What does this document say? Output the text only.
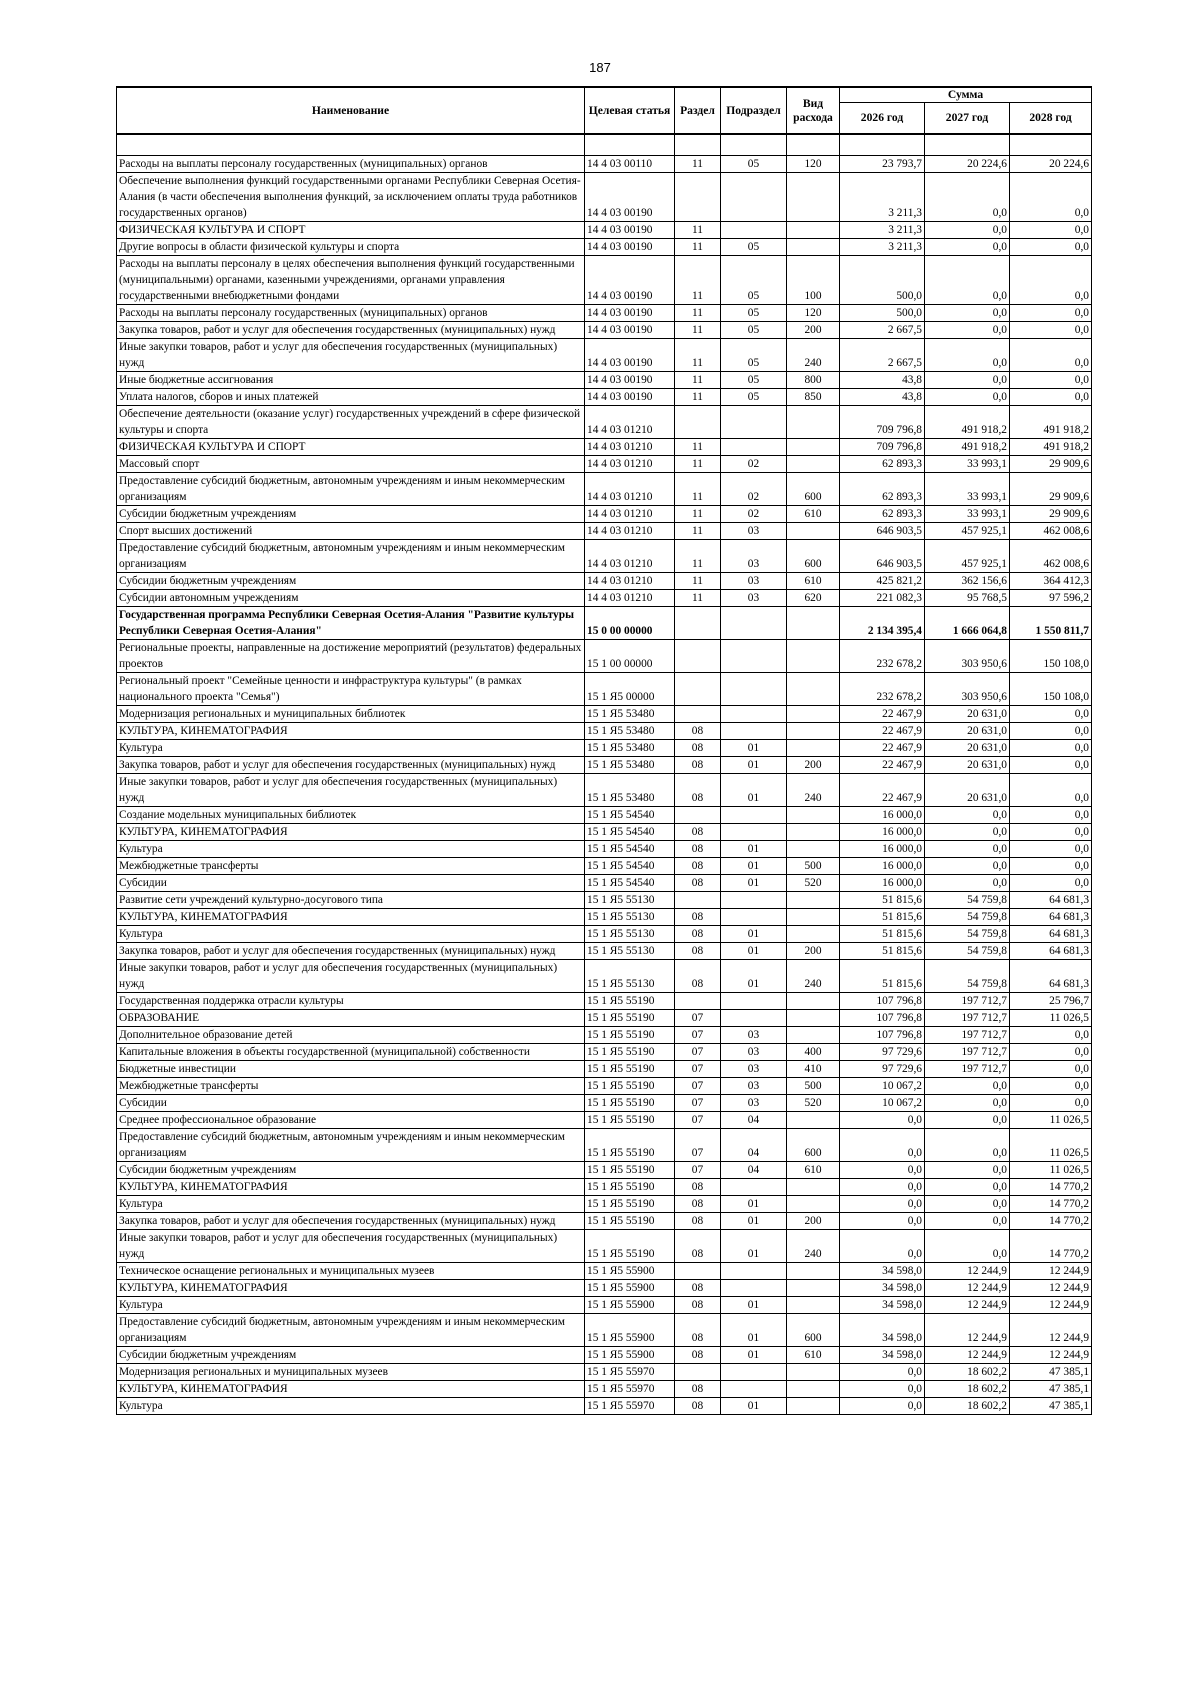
187
Наименование	Целевая статья	Раздел	Подраздел	Вид расхода	Сумма		
					2026 год	2027 год	2028 год

Расходы на выплаты персоналу государственных (муниципальных) органов	14 4 03 00110	11	05	120	23 793,7	20 224,6	20 224,6
Обеспечение выполнения функций государственными органами Республики Северная Осетия-Алания (в части обеспечения выполнения функций, за исключением оплаты труда работников государственных органов)	14 4 03 00190				3 211,3	0,0	0,0
ФИЗИЧЕСКАЯ КУЛЬТУРА И СПОРТ	14 4 03 00190	11			3 211,3	0,0	0,0
Другие вопросы в области физической культуры и спорта	14 4 03 00190	11	05		3 211,3	0,0	0,0
Расходы на выплаты персоналу в целях обеспечения выполнения функций государственными (муниципальными) органами, казенными учреждениями, органами управления государственными внебюджетными фондами	14 4 03 00190	11	05	100	500,0	0,0	0,0
Расходы на выплаты персоналу государственных (муниципальных) органов	14 4 03 00190	11	05	120	500,0	0,0	0,0
Закупка товаров, работ и услуг для обеспечения государственных (муниципальных) нужд	14 4 03 00190	11	05	200	2 667,5	0,0	0,0
Иные закупки товаров, работ и услуг для обеспечения государственных (муниципальных) нужд	14 4 03 00190	11	05	240	2 667,5	0,0	0,0
Иные бюджетные ассигнования	14 4 03 00190	11	05	800	43,8	0,0	0,0
Уплата налогов, сборов и иных платежей	14 4 03 00190	11	05	850	43,8	0,0	0,0
Обеспечение деятельности (оказание услуг) государственных учреждений в сфере физической культуры и спорта	14 4 03 01210				709 796,8	491 918,2	491 918,2
ФИЗИЧЕСКАЯ КУЛЬТУРА И СПОРТ	14 4 03 01210	11			709 796,8	491 918,2	491 918,2
Массовый спорт	14 4 03 01210	11	02		62 893,3	33 993,1	29 909,6
Предоставление субсидий бюджетным, автономным учреждениям и иным некоммерческим организациям	14 4 03 01210	11	02	600	62 893,3	33 993,1	29 909,6
Субсидии бюджетным учреждениям	14 4 03 01210	11	02	610	62 893,3	33 993,1	29 909,6
Спорт высших достижений	14 4 03 01210	11	03		646 903,5	457 925,1	462 008,6
Предоставление субсидий бюджетным, автономным учреждениям и иным некоммерческим организациям	14 4 03 01210	11	03	600	646 903,5	457 925,1	462 008,6
Субсидии бюджетным учреждениям	14 4 03 01210	11	03	610	425 821,2	362 156,6	364 412,3
Субсидии автономным учреждениям	14 4 03 01210	11	03	620	221 082,3	95 768,5	97 596,2
Государственная программа Республики Северная Осетия-Алания "Развитие культуры Республики Северная Осетия-Алания"	15 0 00 00000				2 134 395,4	1 666 064,8	1 550 811,7
Региональные проекты, направленные на достижение мероприятий (результатов) федеральных проектов	15 1 00 00000				232 678,2	303 950,6	150 108,0
Региональный проект "Семейные ценности и инфраструктура культуры" (в рамках национального проекта "Семья")	15 1 Я5 00000				232 678,2	303 950,6	150 108,0
Модернизация региональных и муниципальных библиотек	15 1 Я5 53480				22 467,9	20 631,0	0,0
КУЛЬТУРА, КИНЕМАТОГРАФИЯ	15 1 Я5 53480	08			22 467,9	20 631,0	0,0
Культура	15 1 Я5 53480	08	01		22 467,9	20 631,0	0,0
Закупка товаров, работ и услуг для обеспечения государственных (муниципальных) нужд	15 1 Я5 53480	08	01	200	22 467,9	20 631,0	0,0
Иные закупки товаров, работ и услуг для обеспечения государственных (муниципальных) нужд	15 1 Я5 53480	08	01	240	22 467,9	20 631,0	0,0
Создание модельных муниципальных библиотек	15 1 Я5 54540				16 000,0	0,0	0,0
КУЛЬТУРА, КИНЕМАТОГРАФИЯ	15 1 Я5 54540	08			16 000,0	0,0	0,0
Культура	15 1 Я5 54540	08	01		16 000,0	0,0	0,0
Межбюджетные трансферты	15 1 Я5 54540	08	01	500	16 000,0	0,0	0,0
Субсидии	15 1 Я5 54540	08	01	520	16 000,0	0,0	0,0
Развитие сети учреждений культурно-досугового типа	15 1 Я5 55130				51 815,6	54 759,8	64 681,3
КУЛЬТУРА, КИНЕМАТОГРАФИЯ	15 1 Я5 55130	08			51 815,6	54 759,8	64 681,3
Культура	15 1 Я5 55130	08	01		51 815,6	54 759,8	64 681,3
Закупка товаров, работ и услуг для обеспечения государственных (муниципальных) нужд	15 1 Я5 55130	08	01	200	51 815,6	54 759,8	64 681,3
Иные закупки товаров, работ и услуг для обеспечения государственных (муниципальных) нужд	15 1 Я5 55130	08	01	240	51 815,6	54 759,8	64 681,3
Государственная поддержка отрасли культуры	15 1 Я5 55190				107 796,8	197 712,7	25 796,7
ОБРАЗОВАНИЕ	15 1 Я5 55190	07			107 796,8	197 712,7	11 026,5
Дополнительное образование детей	15 1 Я5 55190	07	03		107 796,8	197 712,7	0,0
Капитальные вложения в объекты государственной (муниципальной) собственности	15 1 Я5 55190	07	03	400	97 729,6	197 712,7	0,0
Бюджетные инвестиции	15 1 Я5 55190	07	03	410	97 729,6	197 712,7	0,0
Межбюджетные трансферты	15 1 Я5 55190	07	03	500	10 067,2	0,0	0,0
Субсидии	15 1 Я5 55190	07	03	520	10 067,2	0,0	0,0
Среднее профессиональное образование	15 1 Я5 55190	07	04		0,0	0,0	11 026,5
Предоставление субсидий бюджетным, автономным учреждениям и иным некоммерческим организациям	15 1 Я5 55190	07	04	600	0,0	0,0	11 026,5
Субсидии бюджетным учреждениям	15 1 Я5 55190	07	04	610	0,0	0,0	11 026,5
КУЛЬТУРА, КИНЕМАТОГРАФИЯ	15 1 Я5 55190	08			0,0	0,0	14 770,2
Культура	15 1 Я5 55190	08	01		0,0	0,0	14 770,2
Закупка товаров, работ и услуг для обеспечения государственных (муниципальных) нужд	15 1 Я5 55190	08	01	200	0,0	0,0	14 770,2
Иные закупки товаров, работ и услуг для обеспечения государственных (муниципальных) нужд	15 1 Я5 55190	08	01	240	0,0	0,0	14 770,2
Техническое оснащение региональных и муниципальных музеев	15 1 Я5 55900				34 598,0	12 244,9	12 244,9
КУЛЬТУРА, КИНЕМАТОГРАФИЯ	15 1 Я5 55900	08			34 598,0	12 244,9	12 244,9
Культура	15 1 Я5 55900	08	01		34 598,0	12 244,9	12 244,9
Предоставление субсидий бюджетным, автономным учреждениям и иным некоммерческим организациям	15 1 Я5 55900	08	01	600	34 598,0	12 244,9	12 244,9
Субсидии бюджетным учреждениям	15 1 Я5 55900	08	01	610	34 598,0	12 244,9	12 244,9
Модернизация региональных и муниципальных музеев	15 1 Я5 55970				0,0	18 602,2	47 385,1
КУЛЬТУРА, КИНЕМАТОГРАФИЯ	15 1 Я5 55970	08			0,0	18 602,2	47 385,1
Культура	15 1 Я5 55970	08	01		0,0	18 602,2	47 385,1
